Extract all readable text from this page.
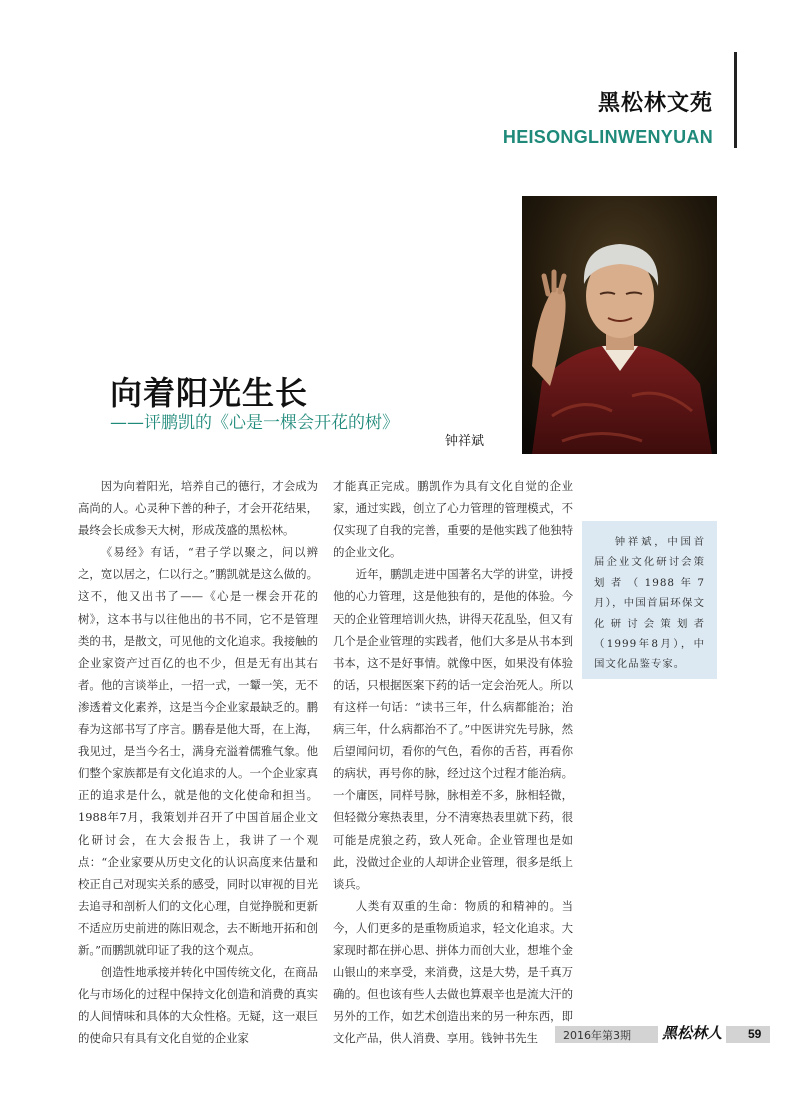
黑松林文苑
HEISONGLINWENYUAN
向着阳光生长
——评鹏凯的《心是一棵会开花的树》
钟祥斌

因为向着阳光，培养自己的德行，才会成为高尚的人。心灵种下善的种子，才会开花结果，最终会长成参天大树，形成茂盛的黑松林。

《易经》有话，“君子学以聚之，问以辨之，宽以居之，仁以行之。”鹏凯就是这么做的。这不，他又出书了——《心是一棵会开花的树》，这本书与以往他出的书不同，它不是管理类的书，是散文，可见他的文化追求。我接触的企业家资产过百亿的也不少，但是无有出其右者。他的言谈举止，一招一式，一颦一笑，无不渗透着文化素养，这是当今企业家最缺乏的。鹏春为这部书写了序言。鹏春是他大哥，在上海，我见过，是当今名士，满身充溢着儒雅气象。他们整个家族都是有文化追求的人。一个企业家真正的追求是什么，就是他的文化使命和担当。1988年7月，我策划并召开了中国首届企业文化研讨会，在大会报告上，我讲了一个观点：“企业家要从历史文化的认识高度来估量和校正自己对现实关系的感受，同时以审视的目光去追寻和剖析人们的文化心理，自觉挣脱和更新不适应历史前进的陈旧观念，去不断地开拓和创新。”而鹏凯就印证了我的这个观点。

创造性地承接并转化中国传统文化，在商品化与市场化的过程中保持文化创造和消费的真实的人间情味和具体的大众性格。无疑，这一艰巨的使命只有具有文化自觉的企业家

才能真正完成。鹏凯作为具有文化自觉的企业家，通过实践，创立了心力管理的管理模式，不仅实现了自我的完善，重要的是他实践了他独特的企业文化。

近年，鹏凯走进中国著名大学的讲堂，讲授他的心力管理，这是他独有的，是他的体验。今天的企业管理培训火热，讲得天花乱坠，但又有几个是企业管理的实践者，他们大多是从书本到书本，这不是好事情。就像中医，如果没有体验的话，只根据医案下药的话一定会治死人。所以有这样一句话：“读书三年，什么病都能治；治病三年，什么病都治不了。”中医讲究先号脉，然后望闻问切，看你的气色，看你的舌苔，再看你的病状，再号你的脉，经过这个过程才能治病。一个庸医，同样号脉，脉相差不多，脉相轻微，但轻微分寒热表里，分不清寒热表里就下药，很可能是虎狼之药，致人死命。企业管理也是如此，没做过企业的人却讲企业管理，很多是纸上谈兵。

人类有双重的生命：物质的和精神的。当今，人们更多的是重物质追求，轻文化追求。大家现时都在拼心思、拼体力而创大业，想堆个金山银山的来享受，来消费，这是大势，是千真万确的。但也该有些人去做也算艰辛也是流大汗的另外的工作，如艺术创造出来的另一种东西，即文化产品，供人消费、享用。钱钟书先生

钟祥斌，中国首届企业文化研讨会策划者（1988年7月），中国首届环保文化研讨会策划者（1999年8月），中国文化品鉴专家。

2016年第3期 黑松林人	59
